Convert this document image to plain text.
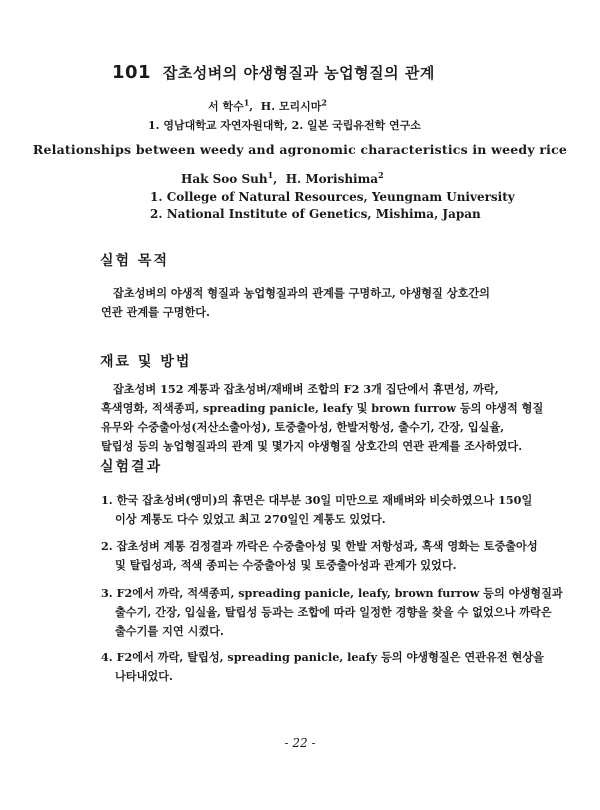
101 잡초성벼의 야생형질과 농업형질의 관계
서 학수$^1$,  H. 모리시마$^2$
1. 영남대학교 자연자원대학, 2. 일본 국립유전학 연구소
Relationships between weedy and agronomic characteristics in weedy rice
Hak Soo Suh$^1$,  H. Morishima$^2$
1. College of Natural Resources, Yeungnam University
2. National Institute of Genetics, Mishima, Japan
실험 목적
잡초성벼의 야생적 형질과 농업형질과의 관계를 구명하고, 야생형질 상호간의
연관 관계를 구명한다.
재료 및 방법
잡초성벼 152 계통과 잡초성벼/재배벼 조합의 F2 3개 집단에서 휴면성, 까락,
흑색영화, 적색종피, spreading panicle, leafy 및 brown furrow 등의 야생적 형질
유무와 수중출아성(저산소출아성), 토중출아성, 한발저항성, 출수기, 간장, 입실율,
탈립성 등의 농업형질과의 관계 및 몇가지 야생형질 상호간의 연관 관계를 조사하였다.
실험결과
1. 한국 잡초성벼(앵미)의 휴면은 대부분 30일 미만으로 재배벼와 비슷하였으나 150일
이상 계통도 다수 있었고 최고 270일인 계통도 있었다.
2. 잡초성벼 계통 검정결과 까락은 수중출아성 및 한발 저항성과, 흑색 영화는 토중출아성
및 탈립성과, 적색 종피는 수중출아성 및 토중출아성과 관계가 있었다.
3. F2에서 까락, 적색종피, spreading panicle, leafy, brown furrow 등의 야생형질과
출수기, 간장, 입실율, 탈립성 등과는 조합에 따라 일정한 경향을 찾을 수 없었으나 까락은
출수기를 지연 시켰다.
4. F2에서 까락, 탈립성, spreading panicle, leafy 등의 야생형질은 연관유전 현상을
나타내었다.
- 22 -
